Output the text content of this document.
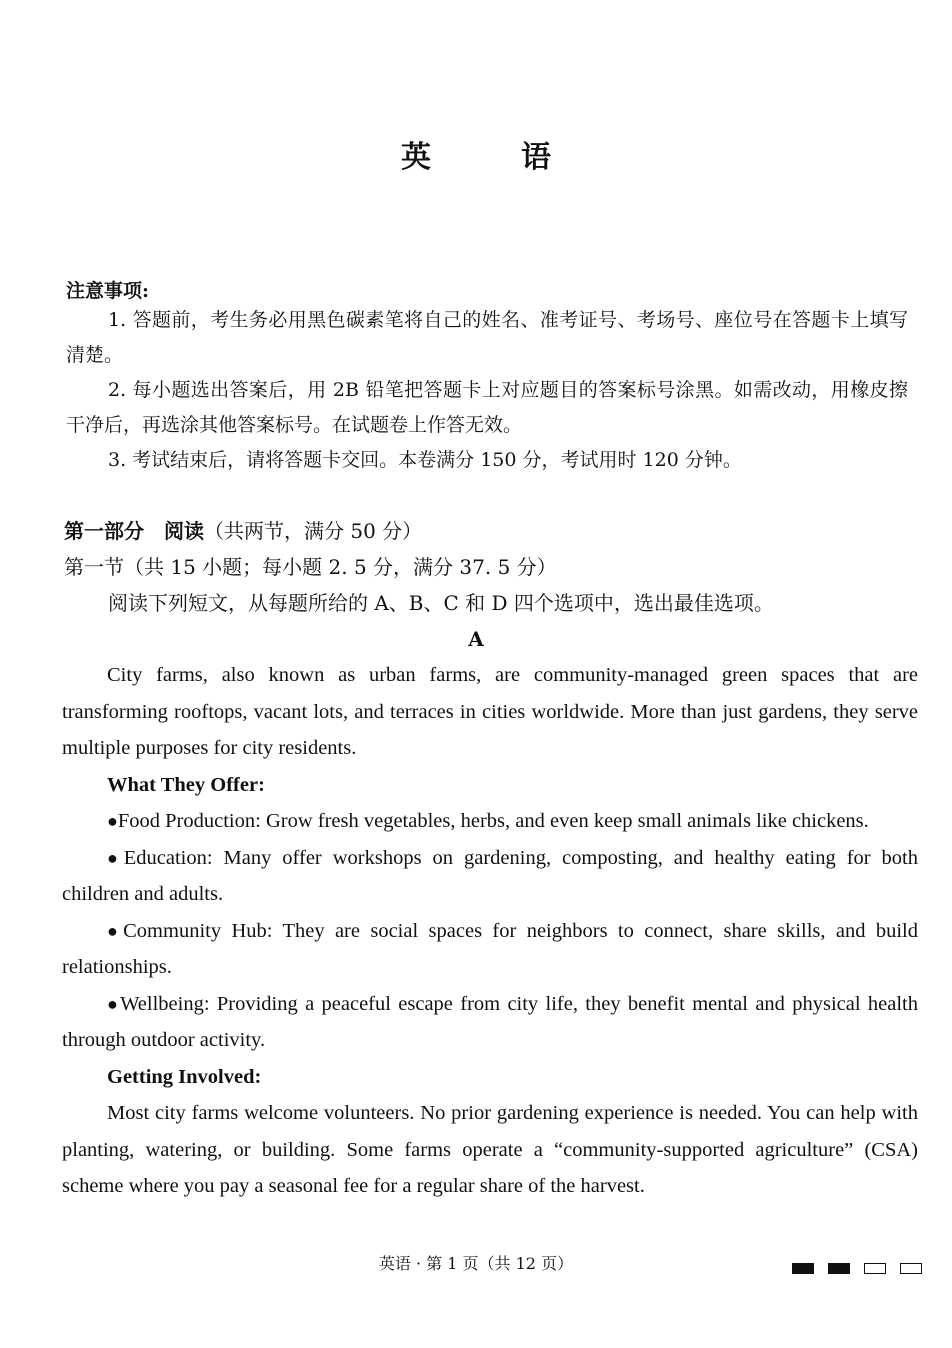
英　语
注意事项:

1. 答题前，考生务必用黑色碳素笔将自己的姓名、准考证号、考场号、座位号在答题卡上填写清楚。

2. 每小题选出答案后，用 2B 铅笔把答题卡上对应题目的答案标号涂黑。如需改动，用橡皮擦干净后，再选涂其他答案标号。在试题卷上作答无效。

3. 考试结束后，请将答题卡交回。本卷满分 150 分，考试用时 120 分钟。

第一部分　阅读（共两节，满分 50 分）
第一节（共 15 小题；每小题 2. 5 分，满分 37. 5 分）
阅读下列短文，从每题所给的 A、B、C 和 D 四个选项中，选出最佳选项。
A

City farms, also known as urban farms, are community-managed green spaces that are transforming rooftops, vacant lots, and terraces in cities worldwide. More than just gardens, they serve multiple purposes for city residents.

What They Offer:

●Food Production: Grow fresh vegetables, herbs, and even keep small animals like chickens.

●Education: Many offer workshops on gardening, composting, and healthy eating for both children and adults.

●Community Hub: They are social spaces for neighbors to connect, share skills, and build relationships.

●Wellbeing: Providing a peaceful escape from city life, they benefit mental and physical health through outdoor activity.

Getting Involved:

Most city farms welcome volunteers. No prior gardening experience is needed. You can help with planting, watering, or building. Some farms operate a “community-supported agriculture” (CSA) scheme where you pay a seasonal fee for a regular share of the harvest.

英语 · 第 1 页（共 12 页）
